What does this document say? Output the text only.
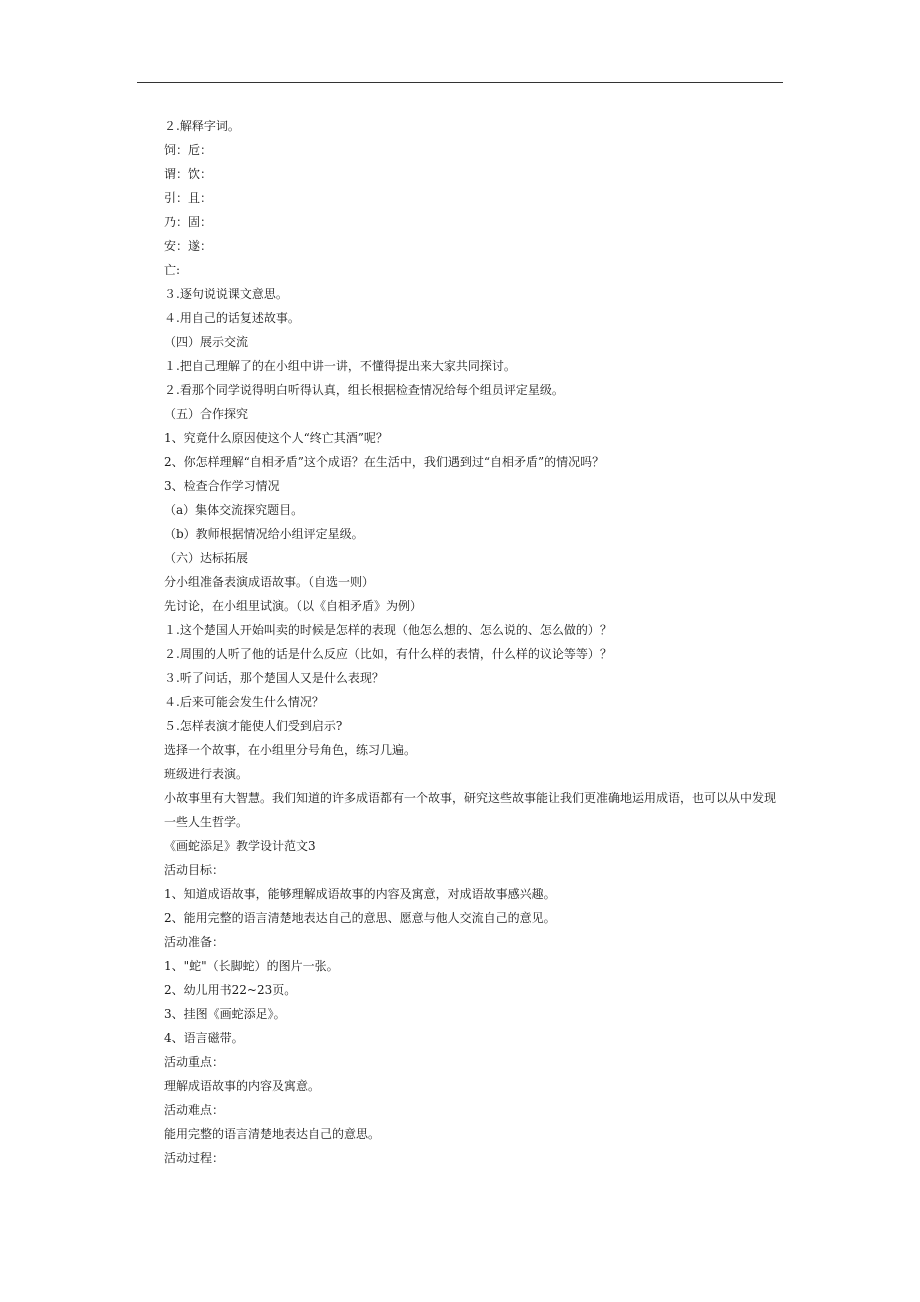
２.解释字词。
饲：卮：
谓：饮：
引：且：
乃：固：
安：遂：
亡:
３.逐句说说课文意思。
４.用自己的话复述故事。
（四）展示交流
１.把自己理解了的在小组中讲一讲，不懂得提出来大家共同探讨。
２.看那个同学说得明白听得认真，组长根据检查情况给每个组员评定星级。
（五）合作探究
1、究竟什么原因使这个人“终亡其酒”呢？
2、你怎样理解“自相矛盾”这个成语？在生活中，我们遇到过“自相矛盾”的情况吗？
3、检查合作学习情况
（a）集体交流探究题目。
（b）教师根据情况给小组评定星级。
（六）达标拓展
分小组准备表演成语故事。（自选一则）
先讨论，在小组里试演。（以《自相矛盾》为例）
１.这个楚国人开始叫卖的时候是怎样的表现（他怎么想的、怎么说的、怎么做的）？
２.周围的人听了他的话是什么反应（比如，有什么样的表情，什么样的议论等等）？
３.听了问话，那个楚国人又是什么表现？
４.后来可能会发生什么情况？
５.怎样表演才能使人们受到启示?
选择一个故事，在小组里分号角色，练习几遍。
班级进行表演。
小故事里有大智慧。我们知道的许多成语都有一个故事，研究这些故事能让我们更准确地运用成语，也可以从中发现一些人生哲学。
《画蛇添足》教学设计范文3
活动目标：
1、知道成语故事，能够理解成语故事的内容及寓意，对成语故事感兴趣。
2、能用完整的语言清楚地表达自己的意思、愿意与他人交流自己的意见。
活动准备：
1、"蛇"（长脚蛇）的图片一张。
2、幼儿用书22~23页。
3、挂图《画蛇添足》。
4、语言磁带。
活动重点：
理解成语故事的内容及寓意。
活动难点：
能用完整的语言清楚地表达自己的意思。
活动过程：
